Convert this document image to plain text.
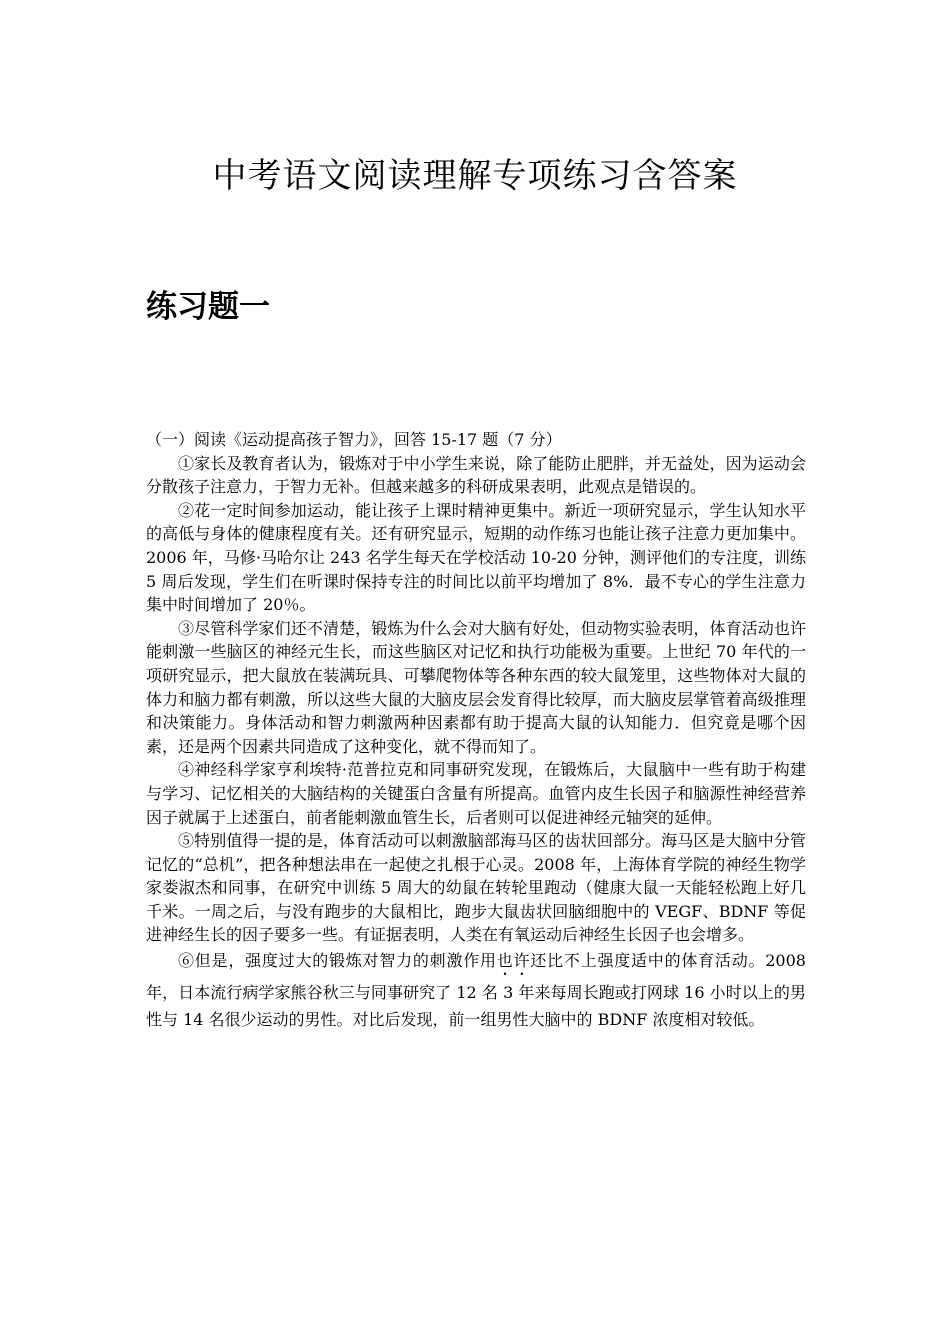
中考语文阅读理解专项练习含答案
练习题一

（一）阅读《运动提高孩子智力》，回答 15-17 题（7 分）

①家长及教育者认为，锻炼对于中小学生来说，除了能防止肥胖，并无益处，因为运动会分散孩子注意力，于智力无补。但越来越多的科研成果表明，此观点是错误的。

②花一定时间参加运动，能让孩子上课时精神更集中。新近一项研究显示，学生认知水平的高低与身体的健康程度有关。还有研究显示，短期的动作练习也能让孩子注意力更加集中。2006 年，马修·马哈尔让 243 名学生每天在学校活动 10-20 分钟，测评他们的专注度，训练 5 周后发现，学生们在听课时保持专注的时间比以前平均增加了 8%．最不专心的学生注意力集中时间增加了 20％。

③尽管科学家们还不清楚，锻炼为什么会对大脑有好处，但动物实验表明，体育活动也许能刺激一些脑区的神经元生长，而这些脑区对记忆和执行功能极为重要。上世纪 70 年代的一项研究显示，把大鼠放在装满玩具、可攀爬物体等各种东西的较大鼠笼里，这些物体对大鼠的体力和脑力都有刺激，所以这些大鼠的大脑皮层会发育得比较厚，而大脑皮层掌管着高级推理和决策能力。身体活动和智力刺激两种因素都有助于提高大鼠的认知能力．但究竟是哪个因素，还是两个因素共同造成了这种变化，就不得而知了。

④神经科学家亨利埃特·范普拉克和同事研究发现，在锻炼后，大鼠脑中一些有助于构建与学习、记忆相关的大脑结构的关键蛋白含量有所提高。血管内皮生长因子和脑源性神经营养因子就属于上述蛋白，前者能刺激血管生长，后者则可以促进神经元轴突的延伸。

⑤特别值得一提的是，体育活动可以刺激脑部海马区的齿状回部分。海马区是大脑中分管记忆的“总机”，把各种想法串在一起使之扎根于心灵。2008 年，上海体育学院的神经生物学家娄淑杰和同事，在研究中训练 5 周大的幼鼠在转轮里跑动（健康大鼠一天能轻松跑上好几千米。一周之后，与没有跑步的大鼠相比，跑步大鼠齿状回脑细胞中的 VEGF、BDNF 等促进神经生长的因子要多一些。有证据表明，人类在有氧运动后神经生长因子也会增多。

⑥但是，强度过大的锻炼对智力的刺激作用也许还比不上强度适中的体育活动。2008 年，日本流行病学家熊谷秋三与同事研究了 12 名 3 年来每周长跑或打网球 16 小时以上的男性与 14 名很少运动的男性。对比后发现，前一组男性大脑中的 BDNF 浓度相对较低。
